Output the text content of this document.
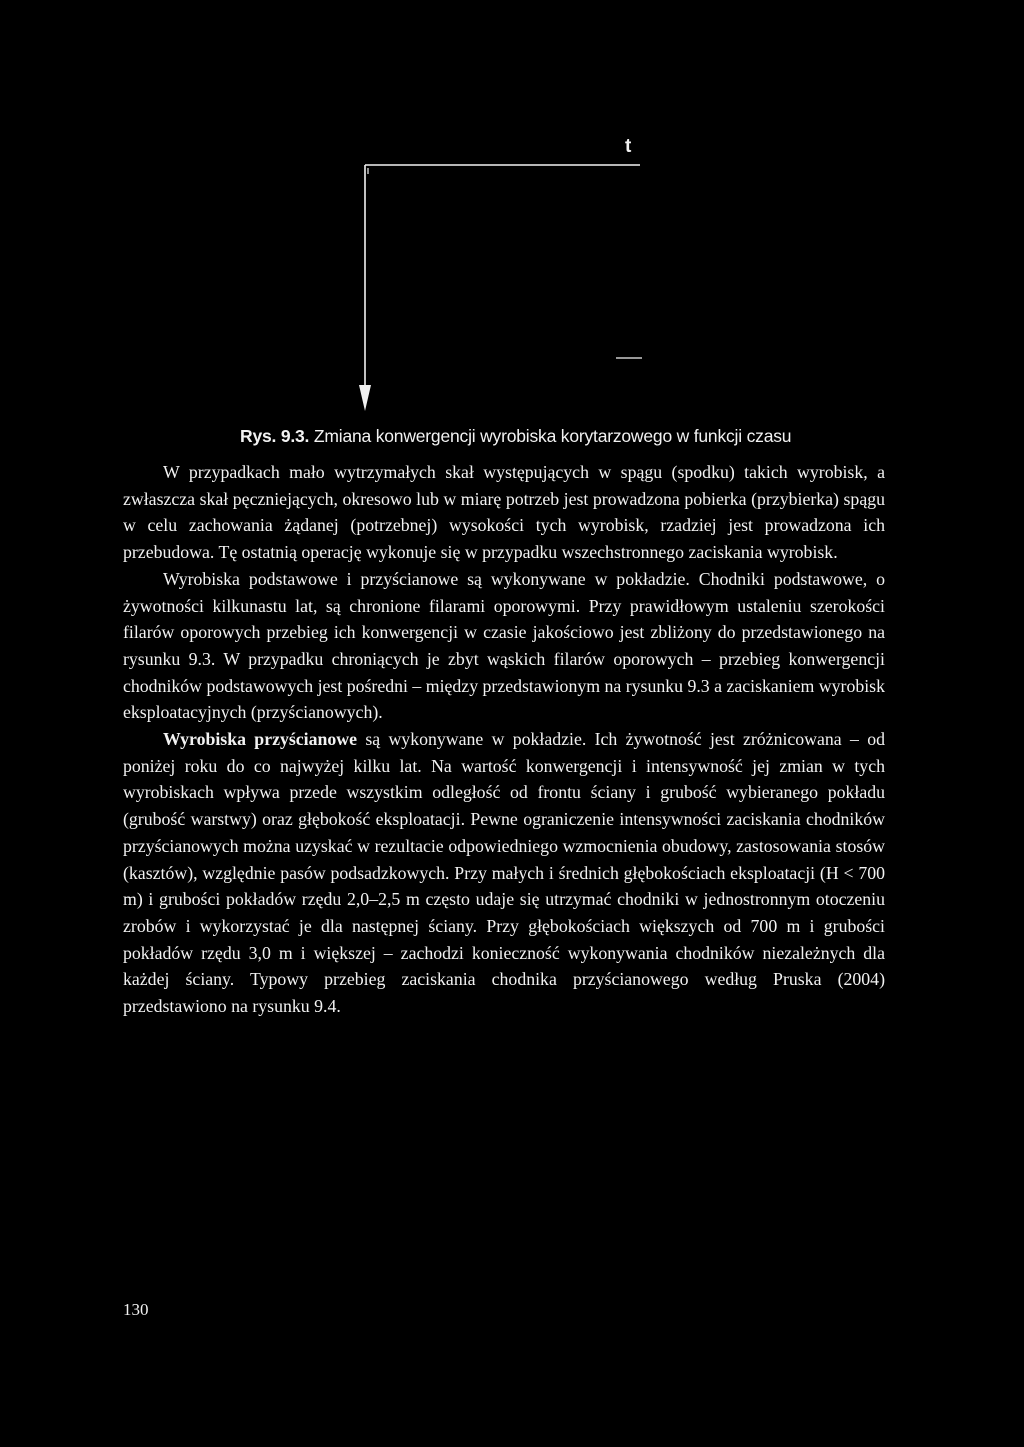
t
Rys. 9.3. Zmiana konwergencji wyrobiska korytarzowego w funkcji czasu

W przypadkach mało wytrzymałych skał występujących w spągu (spodku) takich wyrobisk, a zwłaszcza skał pęczniejących, okresowo lub w miarę potrzeb jest prowadzona pobierka (przybierka) spągu w celu zachowania żądanej (potrzebnej) wysokości tych wyrobisk, rzadziej jest prowadzona ich przebudowa. Tę ostatnią operację wykonuje się w przypadku wszechstronnego zaciskania wyrobisk.

Wyrobiska podstawowe i przyścianowe są wykonywane w pokładzie. Chodniki podstawowe, o żywotności kilkunastu lat, są chronione filarami oporowymi. Przy prawidłowym ustaleniu szerokości filarów oporowych przebieg ich konwergencji w czasie jakościowo jest zbliżony do przedstawionego na rysunku 9.3. W przypadku chroniących je zbyt wąskich filarów oporowych – przebieg konwergencji chodników podstawowych jest pośredni – między przedstawionym na rysunku 9.3 a zaciskaniem wyrobisk eksploatacyjnych (przyścianowych).

Wyrobiska przyścianowe są wykonywane w pokładzie. Ich żywotność jest zróżnicowana – od poniżej roku do co najwyżej kilku lat. Na wartość konwergencji i intensywność jej zmian w tych wyrobiskach wpływa przede wszystkim odległość od frontu ściany i grubość wybieranego pokładu (grubość warstwy) oraz głębokość eksploatacji. Pewne ograniczenie intensywności zaciskania chodników przyścianowych można uzyskać w rezultacie odpowiedniego wzmocnienia obudowy, zastosowania stosów (kasztów), względnie pasów podsadzkowych. Przy małych i średnich głębokościach eksploatacji (H < 700 m) i grubości pokładów rzędu 2,0–2,5 m często udaje się utrzymać chodniki w jednostronnym otoczeniu zrobów i wykorzystać je dla następnej ściany. Przy głębokościach większych od 700 m i grubości pokładów rzędu 3,0 m i większej – zachodzi konieczność wykonywania chodników niezależnych dla każdej ściany. Typowy przebieg zaciskania chodnika przyścianowego według Pruska (2004) przedstawiono na rysunku 9.4.

130
